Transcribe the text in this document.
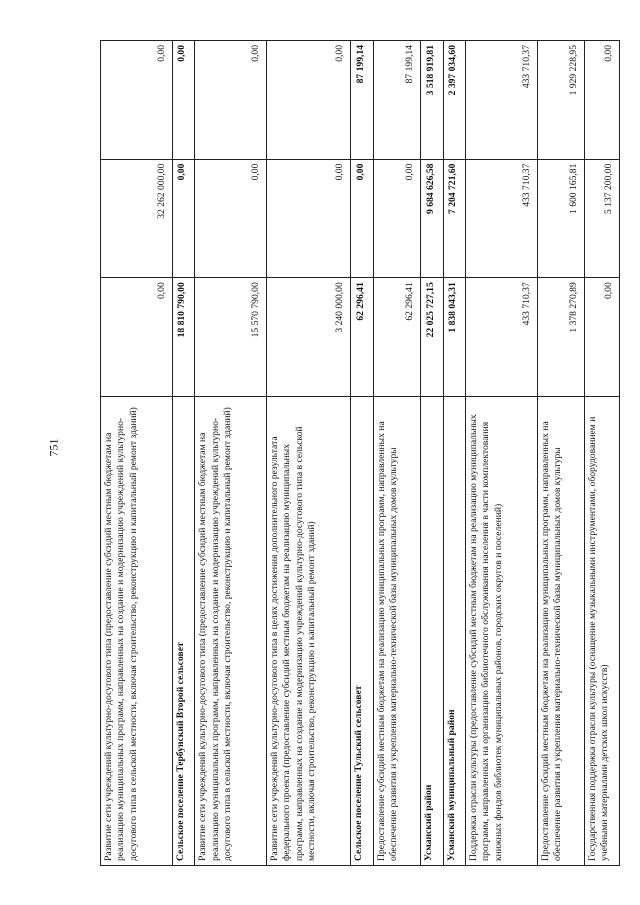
751	Развитие сети учреждений культурно-досугового типа (предоставление субсидий местным бюджетам на реализацию муниципальных программ, направленных на создание и модернизацию учреждений культурно-досугового типа в сельской местности, включая строительство, реконструкцию и капитальный ремонт зданий)	0,00	32 262 000,00	0,00
Сельское поселение Тербунский Второй сельсовет	18 810 790,00	0,00	0,00
Развитие сети учреждений культурно-досугового типа (предоставление субсидий местным бюджетам на реализацию муниципальных программ, направленных на создание и модернизацию учреждений культурно-досугового типа в сельской местности, включая строительство, реконструкцию и капитальный ремонт зданий)	15 570 790,00	0,00	0,00
Развитие сети учреждений культурно-досугового типа в целях достижения дополнительного результата федерального проекта (предоставление субсидий местным бюджетам на реализацию муниципальных программ, направленных на создание и модернизацию учреждений культурно-досугового типа в сельской местности, включая строительство, реконструкцию и капитальный ремонт зданий)	3 240 000,00	0,00	0,00
Сельское поселение Тульский сельсовет	62 296,41	0,00	87 199,14
Предоставление субсидий местным бюджетам на реализацию муниципальных программ, направленных на обеспечение развития и укрепления материально-технической базы муниципальных домов культуры	62 296,41	0,00	87 199,14
Усманский район	22 025 727,15	9 684 626,58	3 518 919,81
Усманский муниципальный район	1 838 043,31	7 204 721,60	2 397 034,60
Поддержка отрасли культуры (предоставление субсидий местным бюджетам на реализацию муниципальных программ, направленных на организацию библиотечного обслуживания населения в части комплектования книжных фондов библиотек муниципальных районов, городских округов и поселений)	433 710,37	433 710,37	433 710,37
Предоставление субсидий местным бюджетам на реализацию муниципальных программ, направленных на обеспечение развития и укрепления материально-технической базы муниципальных домов культуры	1 378 270,89	1 600 165,81	1 929 228,95
Государственная поддержка отрасли культуры (оснащение музыкальными инструментами, оборудованием и учебными материалами детских школ искусств)	0,00	5 137 200,00	0,00
